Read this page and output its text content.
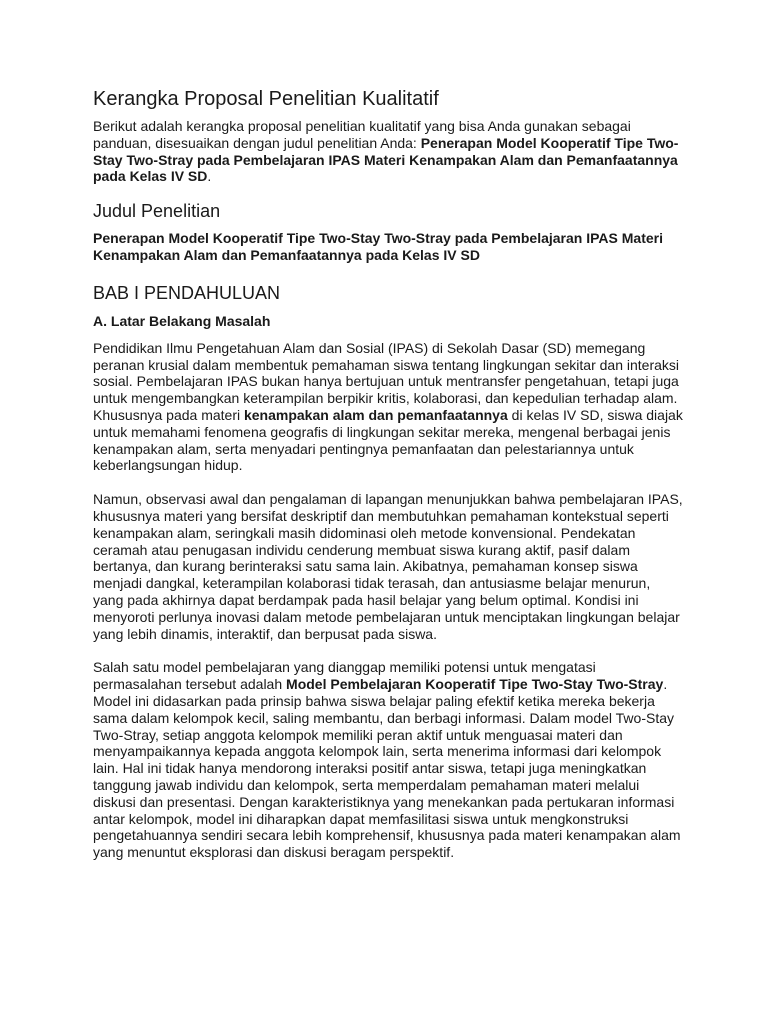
Kerangka Proposal Penelitian Kualitatif

Berikut adalah kerangka proposal penelitian kualitatif yang bisa Anda gunakan sebagai panduan, disesuaikan dengan judul penelitian Anda: Penerapan Model Kooperatif Tipe Two-Stay Two-Stray pada Pembelajaran IPAS Materi Kenampakan Alam dan Pemanfaatannya pada Kelas IV SD.

Judul Penelitian

Penerapan Model Kooperatif Tipe Two-Stay Two-Stray pada Pembelajaran IPAS Materi Kenampakan Alam dan Pemanfaatannya pada Kelas IV SD

BAB I PENDAHULUAN
A. Latar Belakang Masalah

Pendidikan Ilmu Pengetahuan Alam dan Sosial (IPAS) di Sekolah Dasar (SD) memegang peranan krusial dalam membentuk pemahaman siswa tentang lingkungan sekitar dan interaksi sosial. Pembelajaran IPAS bukan hanya bertujuan untuk mentransfer pengetahuan, tetapi juga untuk mengembangkan keterampilan berpikir kritis, kolaborasi, dan kepedulian terhadap alam. Khususnya pada materi kenampakan alam dan pemanfaatannya di kelas IV SD, siswa diajak untuk memahami fenomena geografis di lingkungan sekitar mereka, mengenal berbagai jenis kenampakan alam, serta menyadari pentingnya pemanfaatan dan pelestariannya untuk keberlangsungan hidup.

Namun, observasi awal dan pengalaman di lapangan menunjukkan bahwa pembelajaran IPAS, khususnya materi yang bersifat deskriptif dan membutuhkan pemahaman kontekstual seperti kenampakan alam, seringkali masih didominasi oleh metode konvensional. Pendekatan ceramah atau penugasan individu cenderung membuat siswa kurang aktif, pasif dalam bertanya, dan kurang berinteraksi satu sama lain. Akibatnya, pemahaman konsep siswa menjadi dangkal, keterampilan kolaborasi tidak terasah, dan antusiasme belajar menurun, yang pada akhirnya dapat berdampak pada hasil belajar yang belum optimal. Kondisi ini menyoroti perlunya inovasi dalam metode pembelajaran untuk menciptakan lingkungan belajar yang lebih dinamis, interaktif, dan berpusat pada siswa.

Salah satu model pembelajaran yang dianggap memiliki potensi untuk mengatasi permasalahan tersebut adalah Model Pembelajaran Kooperatif Tipe Two-Stay Two-Stray. Model ini didasarkan pada prinsip bahwa siswa belajar paling efektif ketika mereka bekerja sama dalam kelompok kecil, saling membantu, dan berbagi informasi. Dalam model Two-Stay Two-Stray, setiap anggota kelompok memiliki peran aktif untuk menguasai materi dan menyampaikannya kepada anggota kelompok lain, serta menerima informasi dari kelompok lain. Hal ini tidak hanya mendorong interaksi positif antar siswa, tetapi juga meningkatkan tanggung jawab individu dan kelompok, serta memperdalam pemahaman materi melalui diskusi dan presentasi. Dengan karakteristiknya yang menekankan pada pertukaran informasi antar kelompok, model ini diharapkan dapat memfasilitasi siswa untuk mengkonstruksi pengetahuannya sendiri secara lebih komprehensif, khususnya pada materi kenampakan alam yang menuntut eksplorasi dan diskusi beragam perspektif.
